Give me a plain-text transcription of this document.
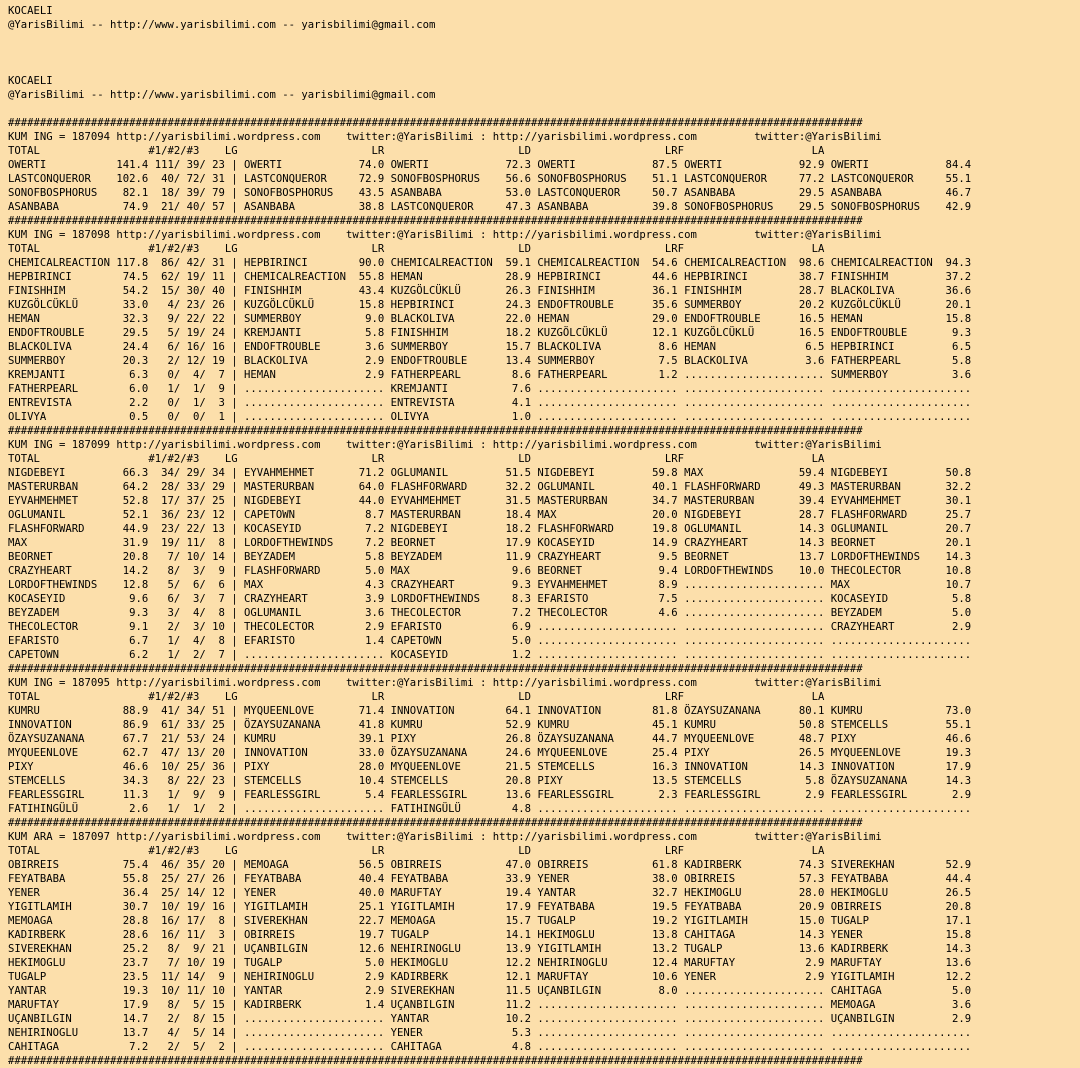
KOCAELI
@YarisBilimi -- http://www.yarisbilimi.com -- yarisbilimi@gmail.com
KOCAELI
@YarisBilimi -- http://www.yarisbilimi.com -- yarisbilimi@gmail.com
######################################################################################################################################
KUM ING = 187094 http://yarisbilimi.wordpress.com    twitter:@YarisBilimi : http://yarisbilimi.wordpress.com         twitter:@YarisBilimi
TOTAL                 #1/#2/#3    LG                     LR                     LD                     LRF                    LA
OWERTI           141.4 111/ 39/ 23 | OWERTI            74.0 OWERTI            72.3 OWERTI            87.5 OWERTI            92.9 OWERTI            84.4
LASTCONQUEROR    102.6  40/ 72/ 31 | LASTCONQUEROR     72.9 SONOFBOSPHORUS    56.6 SONOFBOSPHORUS    51.1 LASTCONQUEROR     77.2 LASTCONQUEROR     55.1
SONOFBOSPHORUS    82.1  18/ 39/ 79 | SONOFBOSPHORUS    43.5 ASANBABA          53.0 LASTCONQUEROR     50.7 ASANBABA          29.5 ASANBABA          46.7
ASANBABA          74.9  21/ 40/ 57 | ASANBABA          38.8 LASTCONQUEROR     47.3 ASANBABA          39.8 SONOFBOSPHORUS    29.5 SONOFBOSPHORUS    42.9
######################################################################################################################################
KUM ING = 187098 http://yarisbilimi.wordpress.com    twitter:@YarisBilimi : http://yarisbilimi.wordpress.com         twitter:@YarisBilimi
TOTAL                 #1/#2/#3    LG                     LR                     LD                     LRF                    LA
CHEMICALREACTION 117.8  86/ 42/ 31 | HEPBIRINCI        90.0 CHEMICALREACTION  59.1 CHEMICALREACTION  54.6 CHEMICALREACTION  98.6 CHEMICALREACTION  94.3
HEPBIRINCI        74.5  62/ 19/ 11 | CHEMICALREACTION  55.8 HEMAN             28.9 HEPBIRINCI        44.6 HEPBIRINCI        38.7 FINISHHIM         37.2
FINISHHIM         54.2  15/ 30/ 40 | FINISHHIM         43.4 KUZGÖLCÜKLÜ       26.3 FINISHHIM         36.1 FINISHHIM         28.7 BLACKOLIVA        36.6
KUZGÖLCÜKLÜ       33.0   4/ 23/ 26 | KUZGÖLCÜKLÜ       15.8 HEPBIRINCI        24.3 ENDOFTROUBLE      35.6 SUMMERBOY         20.2 KUZGÖLCÜKLÜ       20.1
HEMAN             32.3   9/ 22/ 22 | SUMMERBOY          9.0 BLACKOLIVA        22.0 HEMAN             29.0 ENDOFTROUBLE      16.5 HEMAN             15.8
ENDOFTROUBLE      29.5   5/ 19/ 24 | KREMJANTI          5.8 FINISHHIM         18.2 KUZGÖLCÜKLÜ       12.1 KUZGÖLCÜKLÜ       16.5 ENDOFTROUBLE       9.3
BLACKOLIVA        24.4   6/ 16/ 16 | ENDOFTROUBLE       3.6 SUMMERBOY         15.7 BLACKOLIVA         8.6 HEMAN              6.5 HEPBIRINCI         6.5
SUMMERBOY         20.3   2/ 12/ 19 | BLACKOLIVA         2.9 ENDOFTROUBLE      13.4 SUMMERBOY          7.5 BLACKOLIVA         3.6 FATHERPEARL        5.8
KREMJANTI          6.3   0/  4/  7 | HEMAN              2.9 FATHERPEARL        8.6 FATHERPEARL        1.2 ...................... SUMMERBOY          3.6
FATHERPEARL        6.0   1/  1/  9 | ...................... KREMJANTI          7.6 ...................... ...................... ......................
ENTREVISTA         2.2   0/  1/  3 | ...................... ENTREVISTA         4.1 ...................... ...................... ......................
OLIVYA             0.5   0/  0/  1 | ...................... OLIVYA             1.0 ...................... ...................... ......................
######################################################################################################################################
KUM ING = 187099 http://yarisbilimi.wordpress.com    twitter:@YarisBilimi : http://yarisbilimi.wordpress.com         twitter:@YarisBilimi
TOTAL                 #1/#2/#3    LG                     LR                     LD                     LRF                    LA
NIGDEBEYI         66.3  34/ 29/ 34 | EYVAHMEHMET       71.2 OGLUMANIL         51.5 NIGDEBEYI         59.8 MAX               59.4 NIGDEBEYI         50.8
MASTERURBAN       64.2  28/ 33/ 29 | MASTERURBAN       64.0 FLASHFORWARD      32.2 OGLUMANIL         40.1 FLASHFORWARD      49.3 MASTERURBAN       32.2
EYVAHMEHMET       52.8  17/ 37/ 25 | NIGDEBEYI         44.0 EYVAHMEHMET       31.5 MASTERURBAN       34.7 MASTERURBAN       39.4 EYVAHMEHMET       30.1
OGLUMANIL         52.1  36/ 23/ 12 | CAPETOWN           8.7 MASTERURBAN       18.4 MAX               20.0 NIGDEBEYI         28.7 FLASHFORWARD      25.7
FLASHFORWARD      44.9  23/ 22/ 13 | KOCASEYID          7.2 NIGDEBEYI         18.2 FLASHFORWARD      19.8 OGLUMANIL         14.3 OGLUMANIL         20.7
MAX               31.9  19/ 11/  8 | LORDOFTHEWINDS     7.2 BEORNET           17.9 KOCASEYID         14.9 CRAZYHEART        14.3 BEORNET           20.1
BEORNET           20.8   7/ 10/ 14 | BEYZADEM           5.8 BEYZADEM          11.9 CRAZYHEART         9.5 BEORNET           13.7 LORDOFTHEWINDS    14.3
CRAZYHEART        14.2   8/  3/  9 | FLASHFORWARD       5.0 MAX                9.6 BEORNET            9.4 LORDOFTHEWINDS    10.0 THECOLECTOR       10.8
LORDOFTHEWINDS    12.8   5/  6/  6 | MAX                4.3 CRAZYHEART         9.3 EYVAHMEHMET        8.9 ...................... MAX               10.7
KOCASEYID          9.6   6/  3/  7 | CRAZYHEART         3.9 LORDOFTHEWINDS     8.3 EFARISTO           7.5 ...................... KOCASEYID          5.8
BEYZADEM           9.3   3/  4/  8 | OGLUMANIL          3.6 THECOLECTOR        7.2 THECOLECTOR        4.6 ...................... BEYZADEM           5.0
THECOLECTOR        9.1   2/  3/ 10 | THECOLECTOR        2.9 EFARISTO           6.9 ...................... ...................... CRAZYHEART         2.9
EFARISTO           6.7   1/  4/  8 | EFARISTO           1.4 CAPETOWN           5.0 ...................... ...................... ......................
CAPETOWN           6.2   1/  2/  7 | ...................... KOCASEYID          1.2 ...................... ...................... ......................
######################################################################################################################################
KUM ING = 187095 http://yarisbilimi.wordpress.com    twitter:@YarisBilimi : http://yarisbilimi.wordpress.com         twitter:@YarisBilimi
TOTAL                 #1/#2/#3    LG                     LR                     LD                     LRF                    LA
KUMRU             88.9  41/ 34/ 51 | MYQUEENLOVE       71.4 INNOVATION        64.1 INNOVATION        81.8 ÖZAYSUZANANA      80.1 KUMRU             73.0
INNOVATION        86.9  61/ 33/ 25 | ÖZAYSUZANANA      41.8 KUMRU             52.9 KUMRU             45.1 KUMRU             50.8 STEMCELLS         55.1
ÖZAYSUZANANA      67.7  21/ 53/ 24 | KUMRU             39.1 PIXY              26.8 ÖZAYSUZANANA      44.7 MYQUEENLOVE       48.7 PIXY              46.6
MYQUEENLOVE       62.7  47/ 13/ 20 | INNOVATION        33.0 ÖZAYSUZANANA      24.6 MYQUEENLOVE       25.4 PIXY              26.5 MYQUEENLOVE       19.3
PIXY              46.6  10/ 25/ 36 | PIXY              28.0 MYQUEENLOVE       21.5 STEMCELLS         16.3 INNOVATION        14.3 INNOVATION        17.9
STEMCELLS         34.3   8/ 22/ 23 | STEMCELLS         10.4 STEMCELLS         20.8 PIXY              13.5 STEMCELLS          5.8 ÖZAYSUZANANA      14.3
FEARLESSGIRL      11.3   1/  9/  9 | FEARLESSGIRL       5.4 FEARLESSGIRL      13.6 FEARLESSGIRL       2.3 FEARLESSGIRL       2.9 FEARLESSGIRL       2.9
FATIHINGÜLÜ        2.6   1/  1/  2 | ...................... FATIHINGÜLÜ        4.8 ...................... ...................... ......................
######################################################################################################################################
KUM ARA = 187097 http://yarisbilimi.wordpress.com    twitter:@YarisBilimi : http://yarisbilimi.wordpress.com         twitter:@YarisBilimi
TOTAL                 #1/#2/#3    LG                     LR                     LD                     LRF                    LA
OBIRREIS          75.4  46/ 35/ 20 | MEMOAGA           56.5 OBIRREIS          47.0 OBIRREIS          61.8 KADIRBERK         74.3 SIVEREKHAN        52.9
FEYATBABA         55.8  25/ 27/ 26 | FEYATBABA         40.4 FEYATBABA         33.9 YENER             38.0 OBIRREIS          57.3 FEYATBABA         44.4
YENER             36.4  25/ 14/ 12 | YENER             40.0 MARUFTAY          19.4 YANTAR            32.7 HEKIMOGLU         28.0 HEKIMOGLU         26.5
YIGITLAMIH        30.7  10/ 19/ 16 | YIGITLAMIH        25.1 YIGITLAMIH        17.9 FEYATBABA         19.5 FEYATBABA         20.9 OBIRREIS          20.8
MEMOAGA           28.8  16/ 17/  8 | SIVEREKHAN        22.7 MEMOAGA           15.7 TUGALP            19.2 YIGITLAMIH        15.0 TUGALP            17.1
KADIRBERK         28.6  16/ 11/  3 | OBIRREIS          19.7 TUGALP            14.1 HEKIMOGLU         13.8 CAHITAGA          14.3 YENER             15.8
SIVEREKHAN        25.2   8/  9/ 21 | UÇANBILGIN        12.6 NEHIRINOGLU       13.9 YIGITLAMIH        13.2 TUGALP            13.6 KADIRBERK         14.3
HEKIMOGLU         23.7   7/ 10/ 19 | TUGALP             5.0 HEKIMOGLU         12.2 NEHIRINOGLU       12.4 MARUFTAY           2.9 MARUFTAY          13.6
TUGALP            23.5  11/ 14/  9 | NEHIRINOGLU        2.9 KADIRBERK         12.1 MARUFTAY          10.6 YENER              2.9 YIGITLAMIH        12.2
YANTAR            19.3  10/ 11/ 10 | YANTAR             2.9 SIVEREKHAN        11.5 UÇANBILGIN         8.0 ...................... CAHITAGA           5.0
MARUFTAY          17.9   8/  5/ 15 | KADIRBERK          1.4 UÇANBILGIN        11.2 ...................... ...................... MEMOAGA            3.6
UÇANBILGIN        14.7   2/  8/ 15 | ...................... YANTAR            10.2 ...................... ...................... UÇANBILGIN         2.9
NEHIRINOGLU       13.7   4/  5/ 14 | ...................... YENER              5.3 ...................... ...................... ......................
CAHITAGA           7.2   2/  5/  2 | ...................... CAHITAGA           4.8 ...................... ...................... ......................
######################################################################################################################################
